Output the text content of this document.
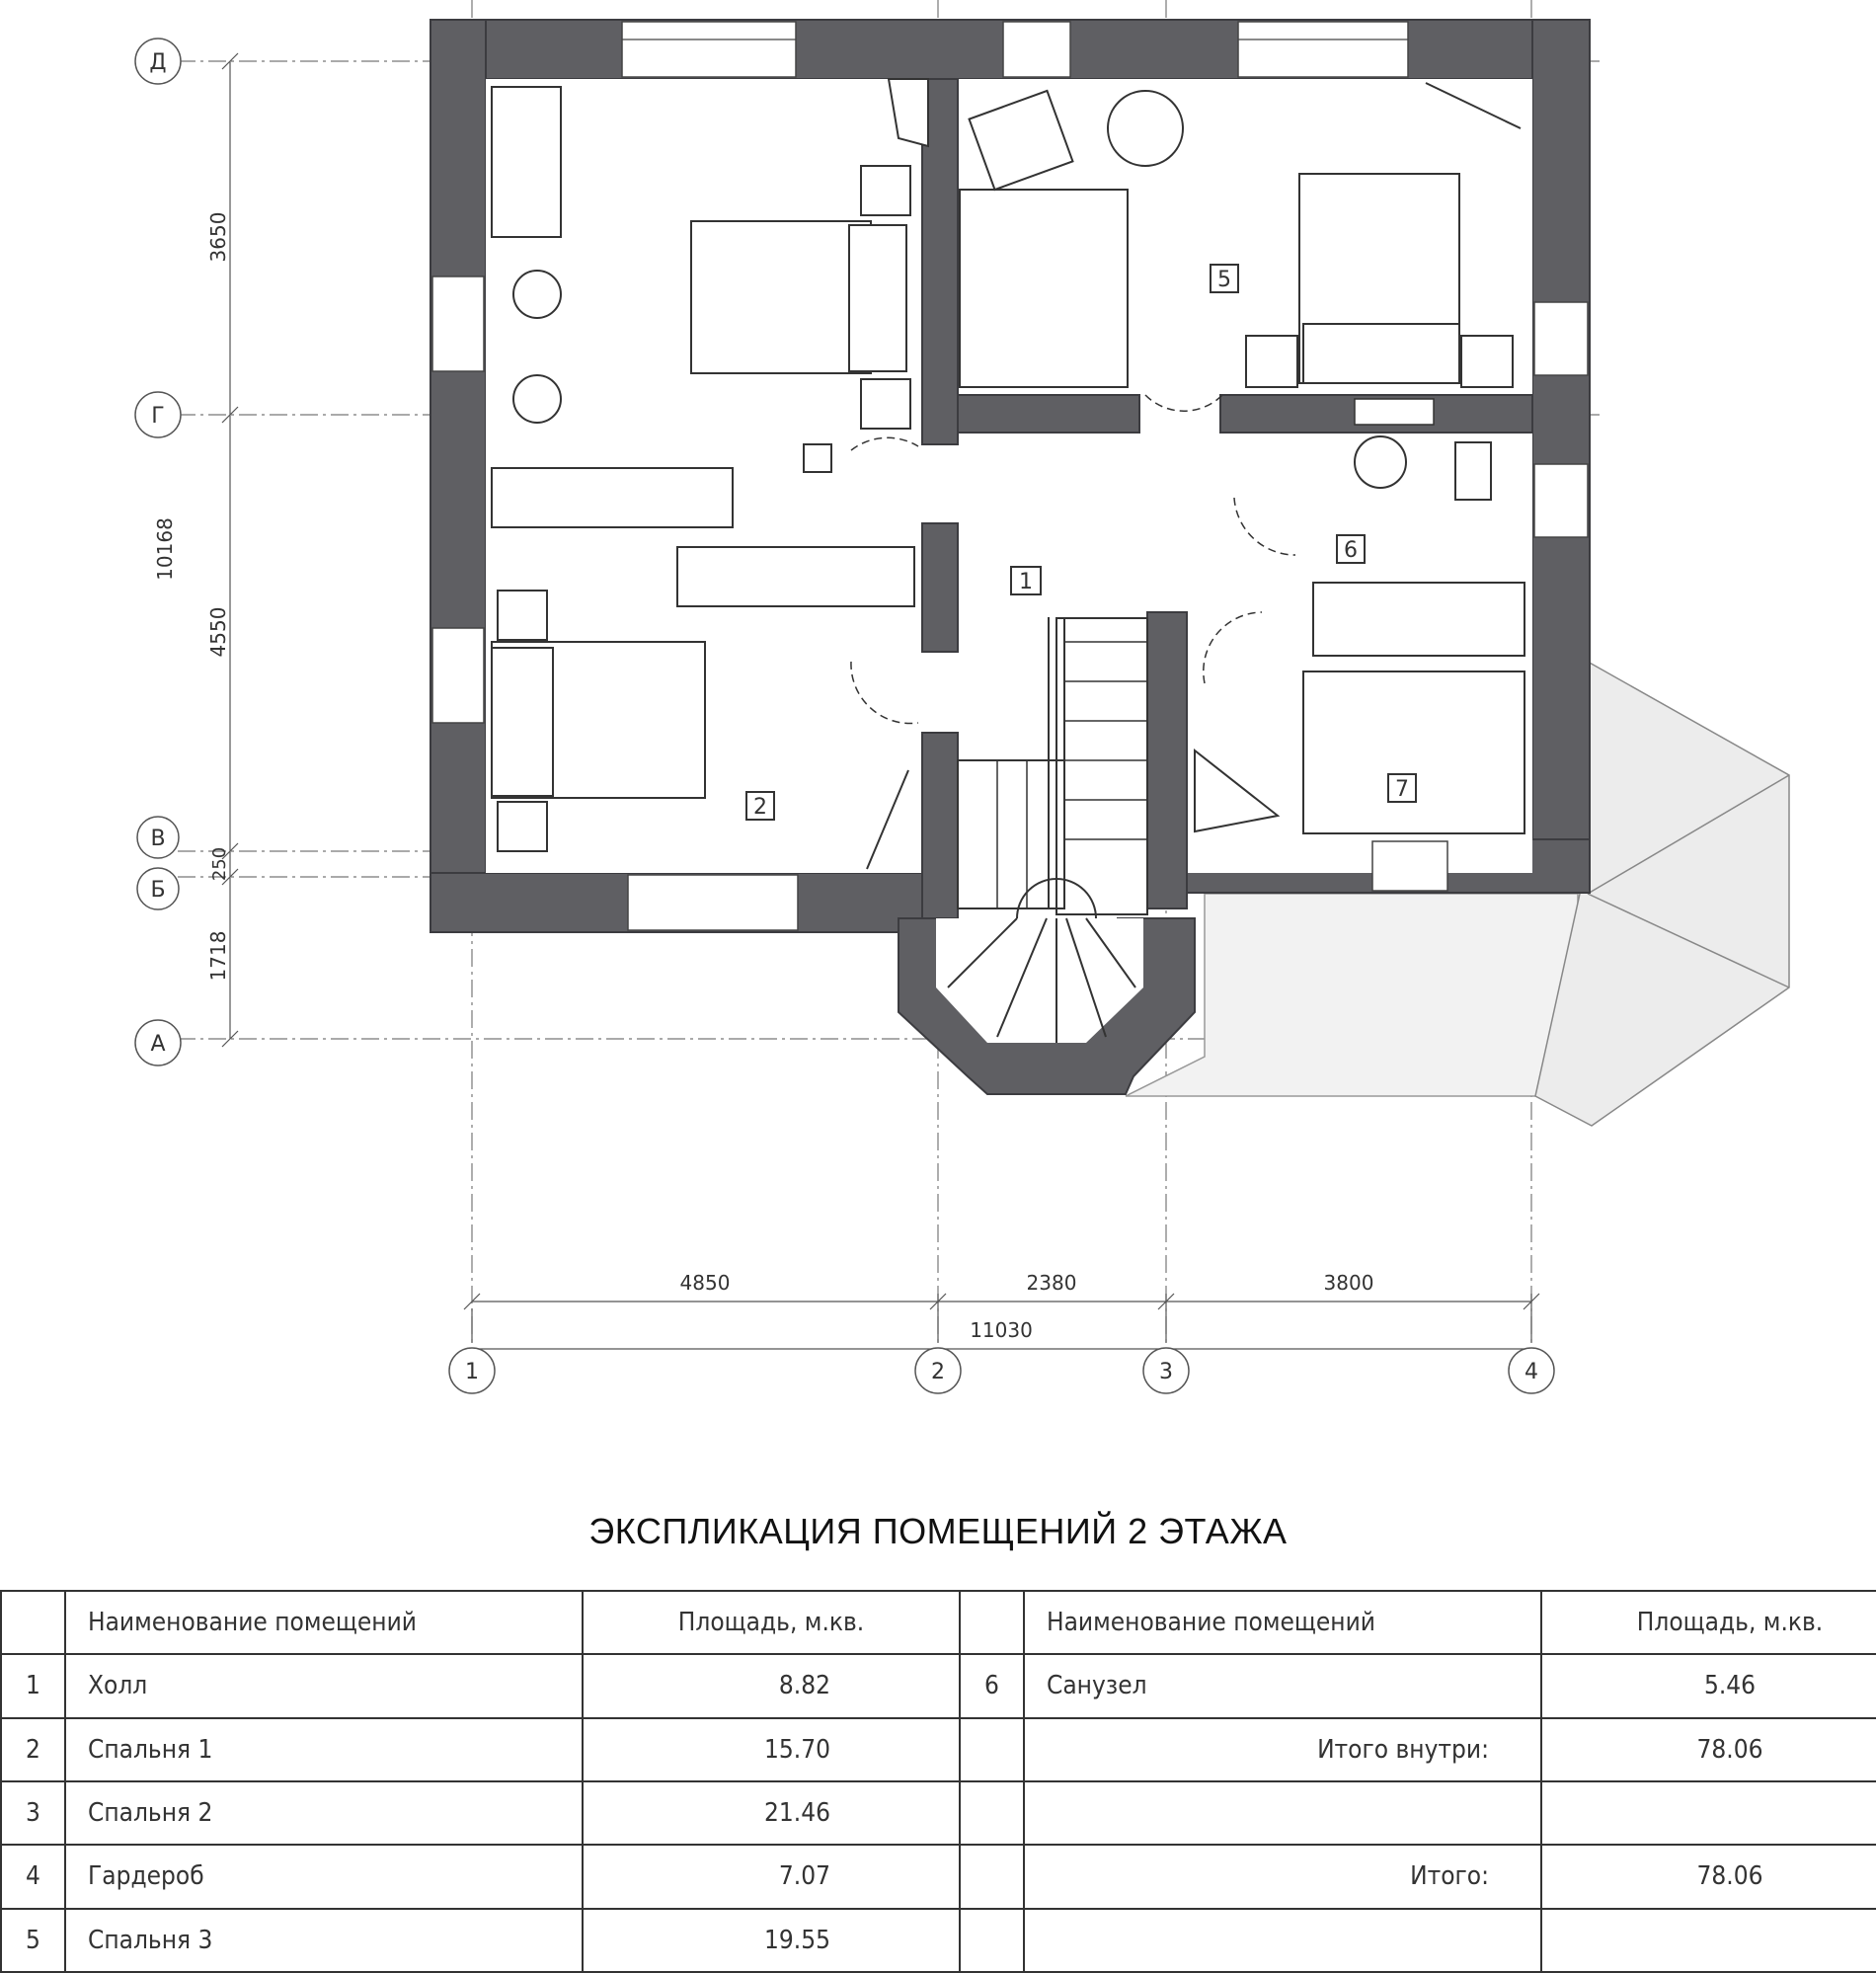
3650
10168
4550
250
1718
Д
Г
В
Б
А
4850	2380	3800
11030
1	2	3	4
2
1
5
6
7
ЭКСПЛИКАЦИЯ ПОМЕЩЕНИЙ 2 ЭТАЖА
	Наименование помещений	Площадь, м.кв.		Наименование помещений	Площадь, м.кв.
1	Холл	8.82	6	Санузел	5.46
2	Спальня 1	15.70		Итого внутри:	78.06
3	Спальня 2	21.46			
4	Гардероб	7.07		Итого:	78.06
5	Спальня 3	19.55			
